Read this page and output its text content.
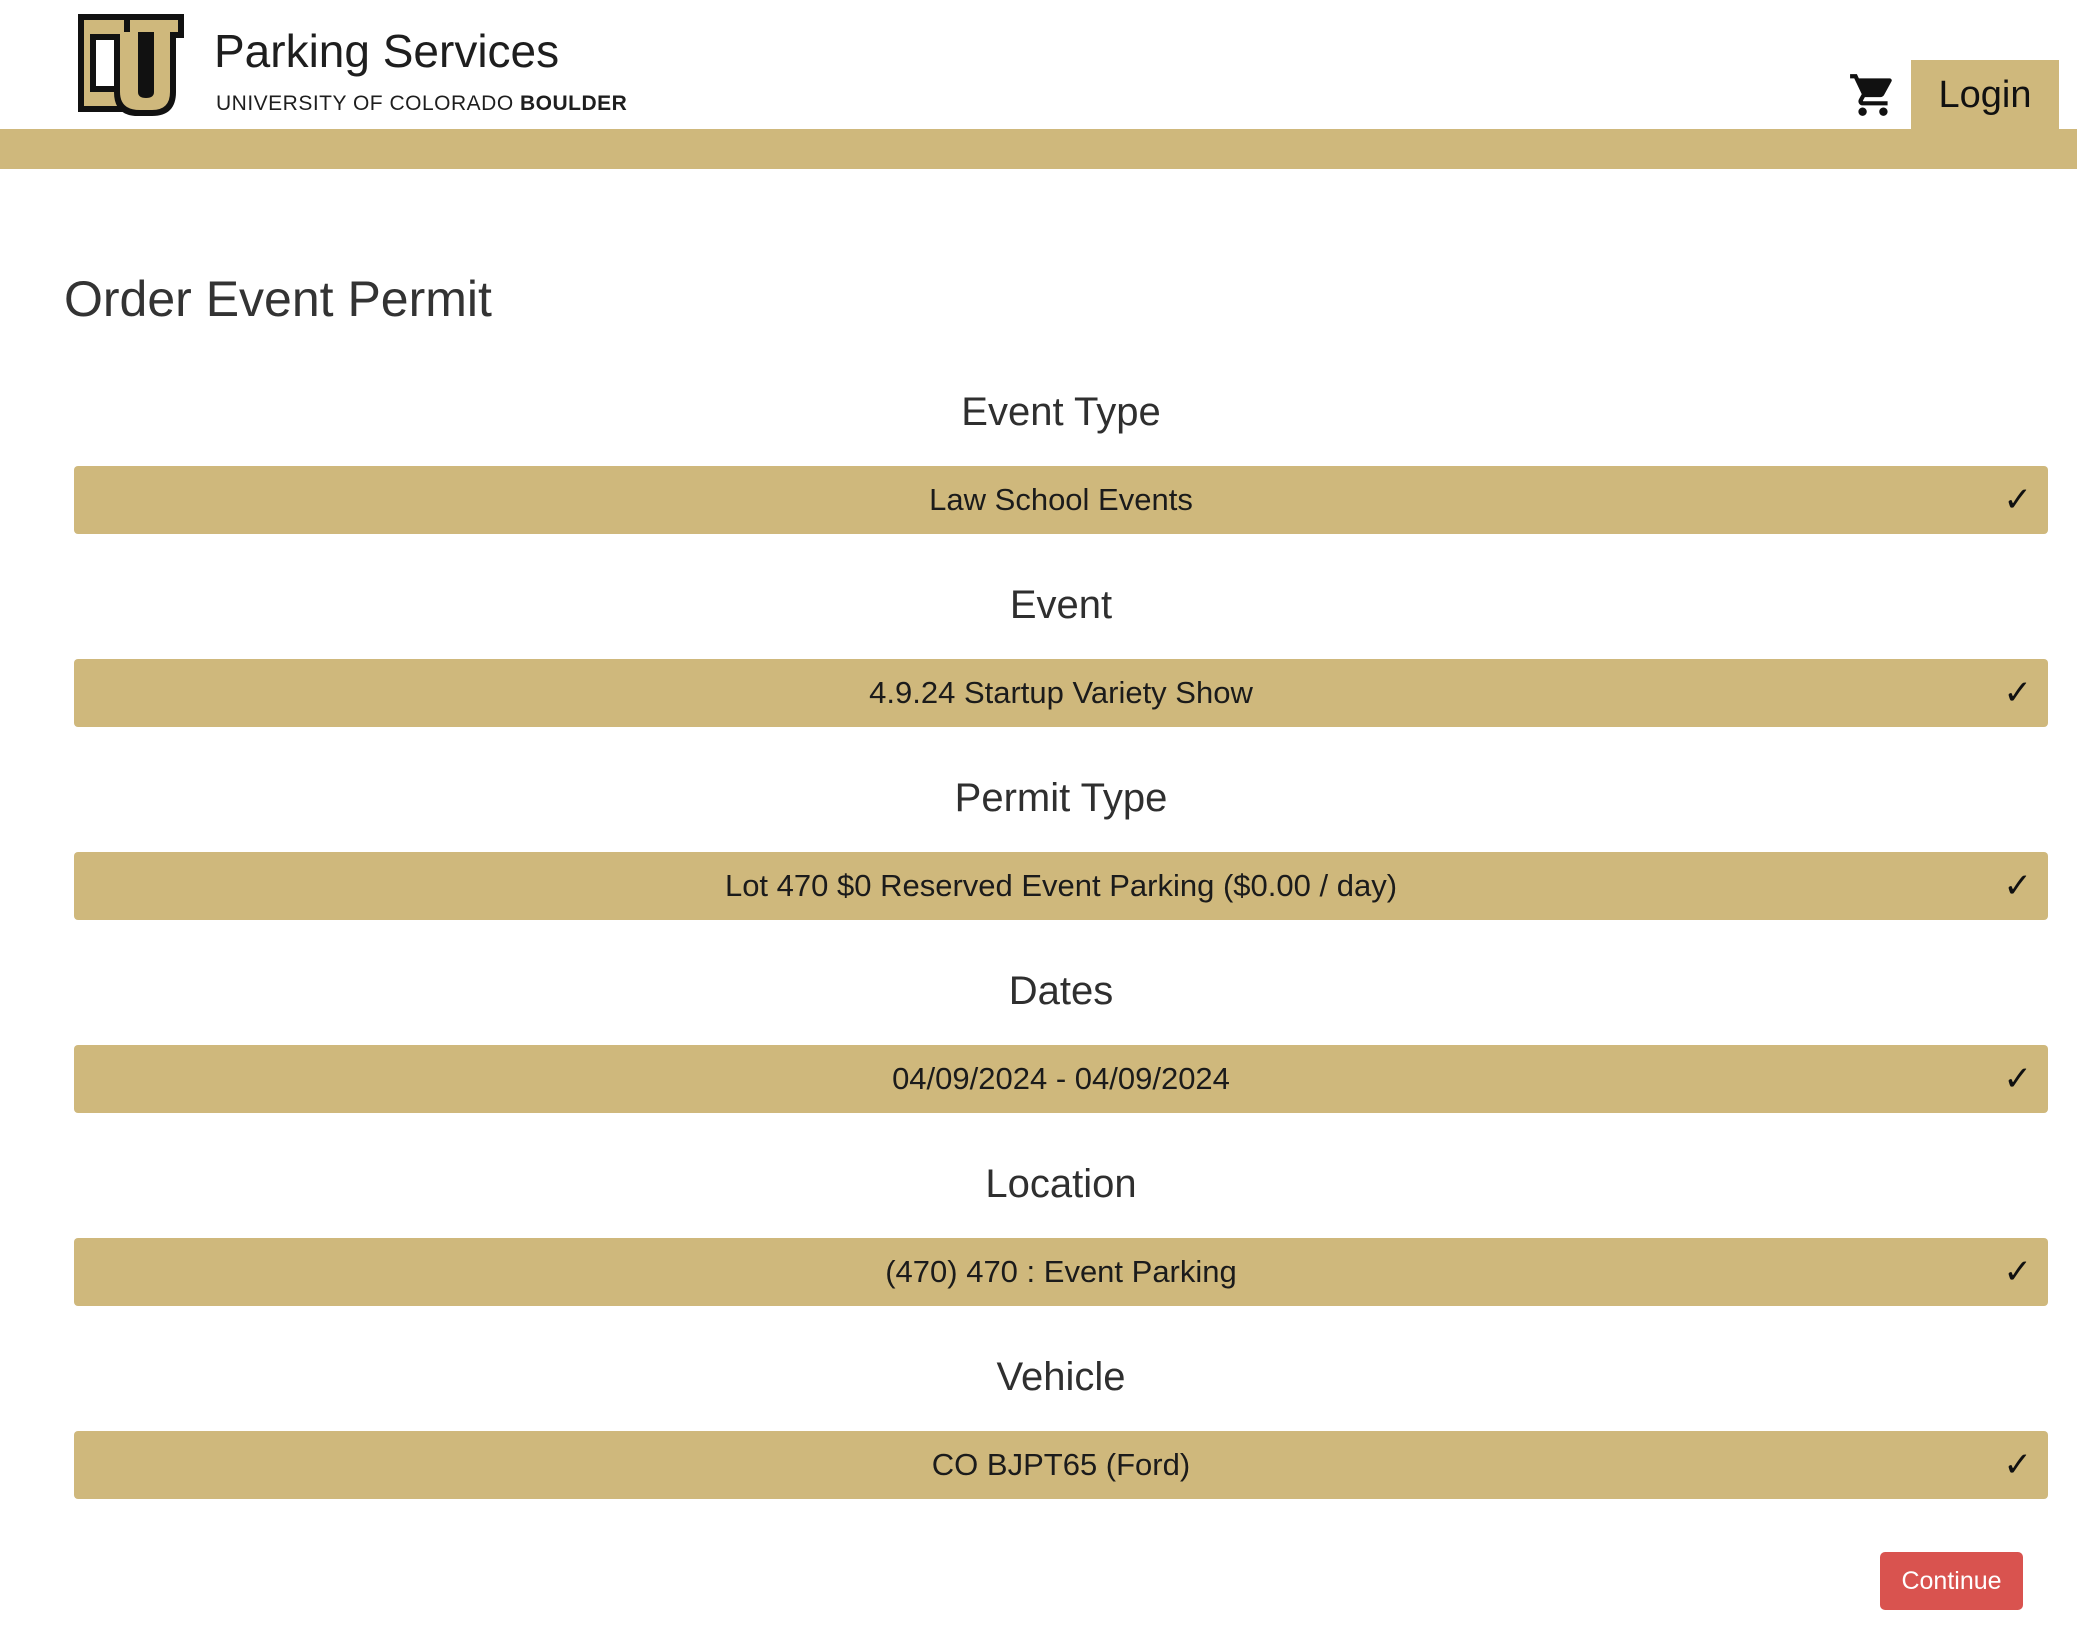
Parking Services
UNIVERSITY OF COLORADO BOULDER	Login
Order Event Permit
Event Type
Law School Events	✓
Event
4.9.24 Startup Variety Show	✓
Permit Type
Lot 470 $0 Reserved Event Parking ($0.00 / day)	✓
Dates
04/09/2024 - 04/09/2024	✓
Location
(470) 470 : Event Parking	✓
Vehicle
CO BJPT65 (Ford)	✓
Continue
